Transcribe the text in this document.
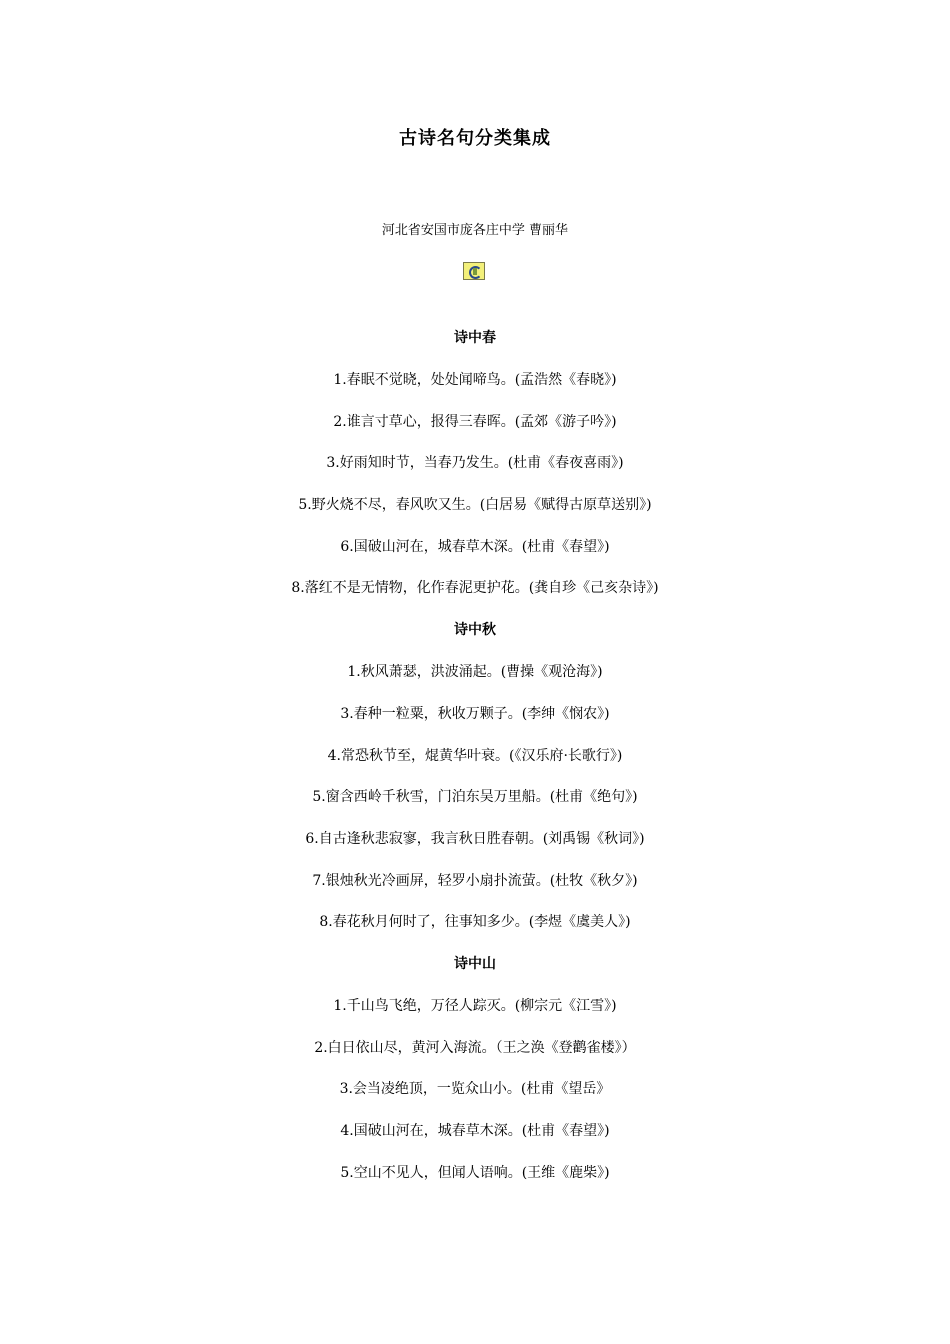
古诗名句分类集成
河北省安国市庞各庄中学 曹丽华
诗中春
1.春眠不觉晓，处处闻啼鸟。(孟浩然《春晓》)
2.谁言寸草心，报得三春晖。(孟郊《游子吟》)
3.好雨知时节，当春乃发生。(杜甫《春夜喜雨》)
5.野火烧不尽，春风吹又生。(白居易《赋得古原草送别》)
6.国破山河在，城春草木深。(杜甫《春望》)
8.落红不是无情物，化作春泥更护花。(龚自珍《己亥杂诗》)
诗中秋
1.秋风萧瑟，洪波涌起。(曹操《观沧海》)
3.春种一粒粟，秋收万颗子。(李绅《悯农》)
4.常恐秋节至，焜黄华叶衰。(《汉乐府·长歌行》)
5.窗含西岭千秋雪，门泊东吴万里船。(杜甫《绝句》)
6.自古逢秋悲寂寥，我言秋日胜春朝。(刘禹锡《秋词》)
7.银烛秋光冷画屏，轻罗小扇扑流萤。(杜牧《秋夕》)
8.春花秋月何时了，往事知多少。(李煜《虞美人》)
诗中山
1.千山鸟飞绝，万径人踪灭。(柳宗元《江雪》)
2.白日依山尽，黄河入海流。（王之涣《登鹳雀楼》）
3.会当凌绝顶，一览众山小。(杜甫《望岳》
4.国破山河在，城春草木深。(杜甫《春望》)
5.空山不见人，但闻人语响。(王维《鹿柴》)
